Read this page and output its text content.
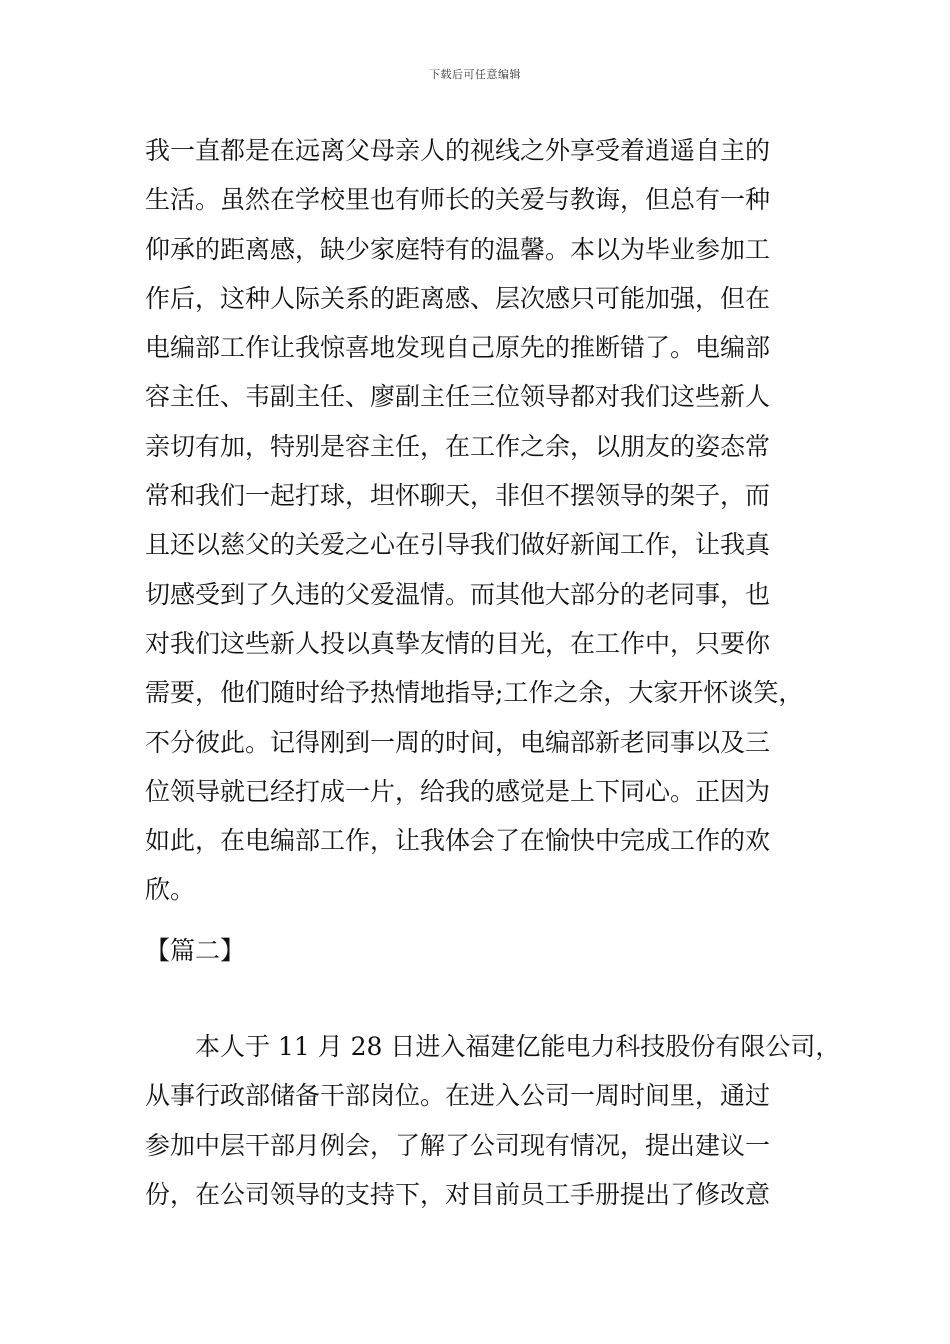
下载后可任意编辑
我一直都是在远离父母亲人的视线之外享受着逍遥自主的
生活。虽然在学校里也有师长的关爱与教诲，但总有一种
仰承的距离感，缺少家庭特有的温馨。本以为毕业参加工
作后，这种人际关系的距离感、层次感只可能加强，但在
电编部工作让我惊喜地发现自己原先的推断错了。电编部
容主任、韦副主任、廖副主任三位领导都对我们这些新人
亲切有加，特别是容主任，在工作之余，以朋友的姿态常
常和我们一起打球，坦怀聊天，非但不摆领导的架子，而
且还以慈父的关爱之心在引导我们做好新闻工作，让我真
切感受到了久违的父爱温情。而其他大部分的老同事，也
对我们这些新人投以真挚友情的目光，在工作中，只要你
需要，他们随时给予热情地指导;工作之余，大家开怀谈笑，
不分彼此。记得刚到一周的时间，电编部新老同事以及三
位领导就已经打成一片，给我的感觉是上下同心。正因为
如此，在电编部工作，让我体会了在愉快中完成工作的欢
欣。
【篇二】
　　本人于 11 月 28 日进入福建亿能电力科技股份有限公司，
从事行政部储备干部岗位。在进入公司一周时间里，通过
参加中层干部月例会，了解了公司现有情况，提出建议一
份，在公司领导的支持下，对目前员工手册提出了修改意
